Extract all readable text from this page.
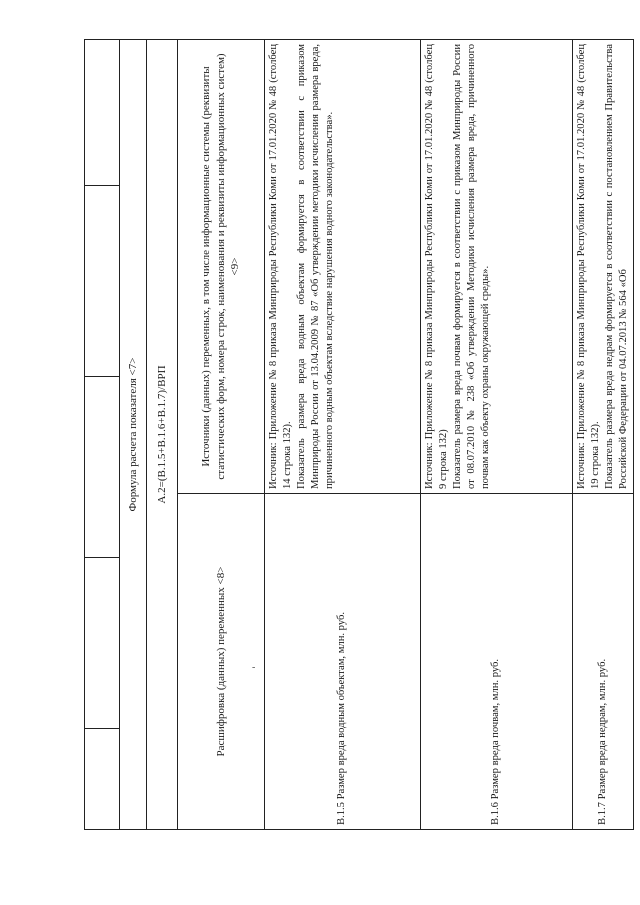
Формула расчета показателя <7>	
A.2=(B.1.5+B.1.6+B.1.7)/ВРП	
Расшифровка (данных) переменных <8>	Источники (данных) переменных, в том числе информационные системы (реквизиты статистических форм, номера строк, наименования и реквизиты информационных систем) <9>
В.1.5 Размер вреда водным объектам, млн. руб.	Источник: Приложение № 8 приказа Минприроды Республики Коми от 17.01.2020 № 48 (столбец 14 строка 132). Показатель размера вреда водным объектам формируется в соответствии с приказом Минприроды России от 13.04.2009 № 87 «Об утверждении методики исчисления размера вреда, причиненного водным объектам вследствие нарушения водного законодательства».

В.1.6 Размер вреда почвам, млн. руб.	Источник: Приложение № 8 приказа Минприроды Республики Коми от 17.01.2020 № 48 (столбец 9 строка 132) Показатель размера вреда почвам формируется в соответствии с приказом Минприроды России от 08.07.2010 № 238 «Об утверждении Методики исчисления размера вреда, причиненного почвам как объекту охраны окружающей среды».

В.1.7 Размер вреда недрам, млн. руб.	Источник: Приложение № 8 приказа Минприроды Республики Коми от 17.01.2020 № 48 (столбец 19 строка 132). Показатель размера вреда недрам формируется в соответствии с постановлением Правительства Российской Федерации от 04.07.2013 № 564 «Об

-
